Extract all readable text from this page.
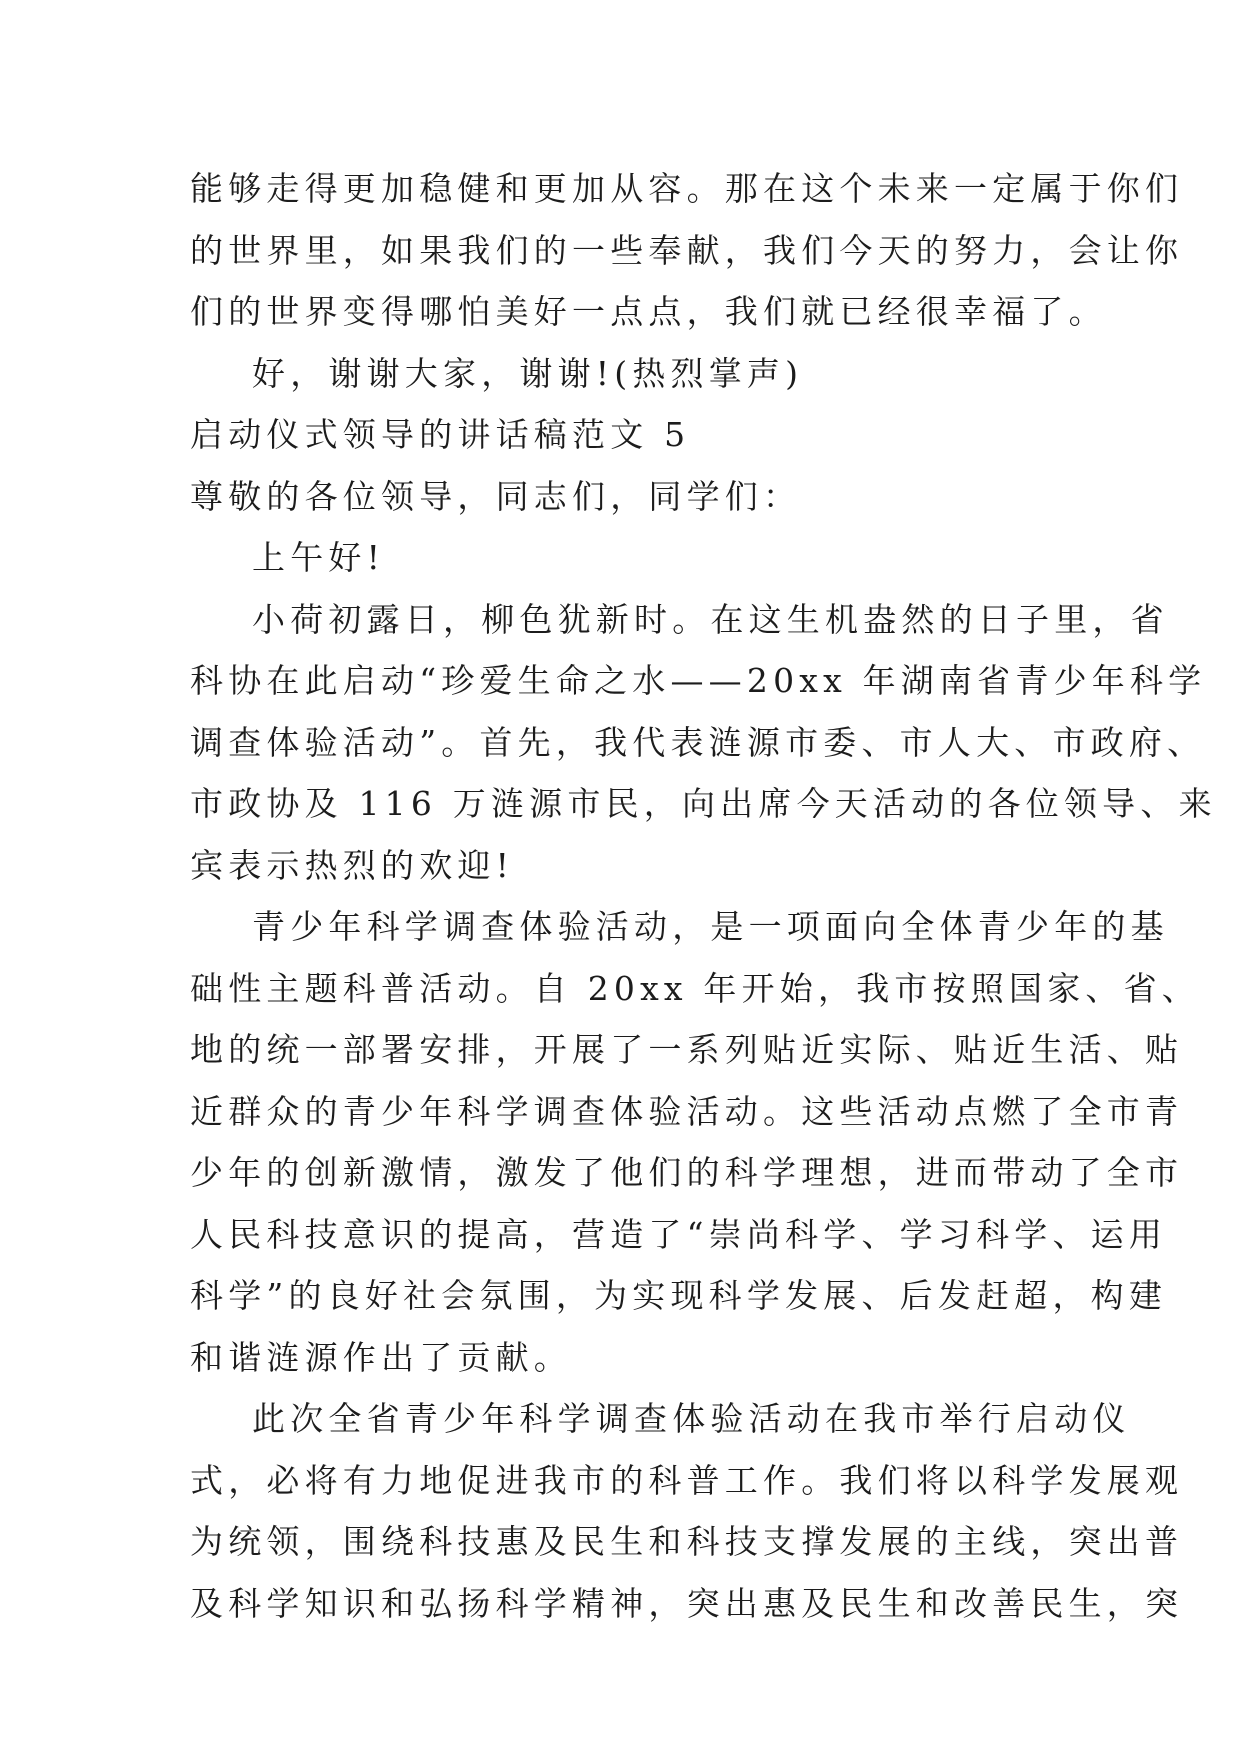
能够走得更加稳健和更加从容。那在这个未来一定属于你们
的世界里，如果我们的一些奉献，我们今天的努力，会让你
们的世界变得哪怕美好一点点，我们就已经很幸福了。
好，谢谢大家，谢谢!(热烈掌声)
启动仪式领导的讲话稿范文 5
尊敬的各位领导，同志们，同学们：
上午好!
小荷初露日，柳色犹新时。在这生机盎然的日子里，省
科协在此启动“珍爱生命之水——20xx 年湖南省青少年科学
调查体验活动”。首先，我代表涟源市委、市人大、市政府、
市政协及 116 万涟源市民，向出席今天活动的各位领导、来
宾表示热烈的欢迎!
青少年科学调查体验活动，是一项面向全体青少年的基
础性主题科普活动。自 20xx 年开始，我市按照国家、省、
地的统一部署安排，开展了一系列贴近实际、贴近生活、贴
近群众的青少年科学调查体验活动。这些活动点燃了全市青
少年的创新激情，激发了他们的科学理想，进而带动了全市
人民科技意识的提高，营造了“崇尚科学、学习科学、运用
科学”的良好社会氛围，为实现科学发展、后发赶超，构建
和谐涟源作出了贡献。
此次全省青少年科学调查体验活动在我市举行启动仪
式，必将有力地促进我市的科普工作。我们将以科学发展观
为统领，围绕科技惠及民生和科技支撑发展的主线，突出普
及科学知识和弘扬科学精神，突出惠及民生和改善民生，突
